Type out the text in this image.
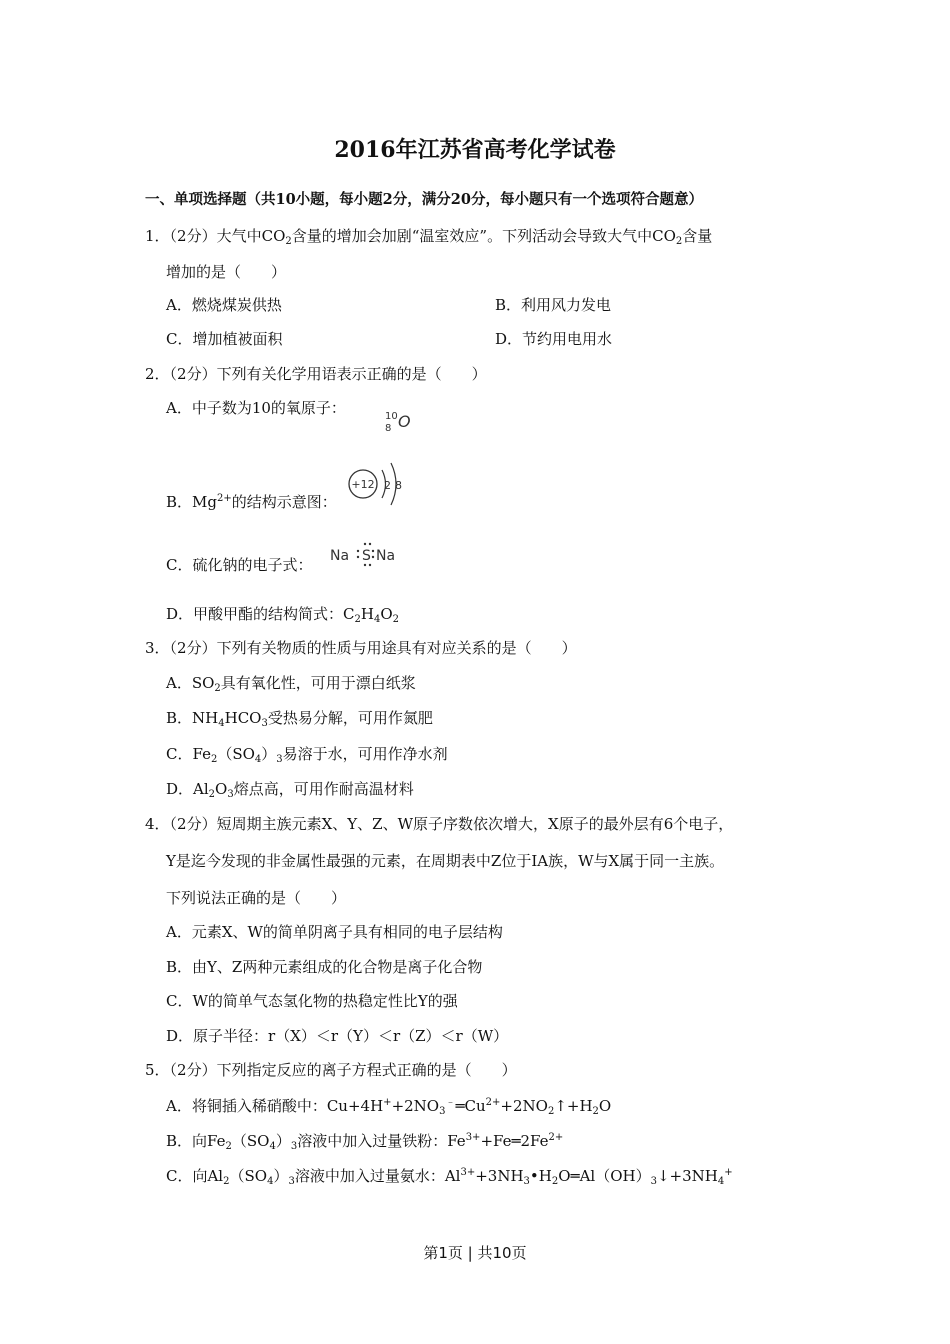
2016年江苏省高考化学试卷
一、单项选择题（共10小题，每小题2分，满分20分，每小题只有一个选项符合题意）
1．（2分）大气中$CO_2$含量的增加会加剧“温室效应”。下列活动会导致大气中$CO_2$含量
增加的是（　　）
A．燃烧煤炭供热	B．利用风力发电
C．增加植被面积	D．节约用电用水
2．（2分）下列有关化学用语表示正确的是（　　）
A．中子数为10的氧原子：	10
8 O
B．$Mg^{2+}$的结构示意图：
+12 2 8
C．硫化钠的电子式： Na Na
S
D．甲酸甲酯的结构简式：$C_2H_4O_2$
3．（2分）下列有关物质的性质与用途具有对应关系的是（　　）
A．$SO_2$具有氧化性，可用于漂白纸浆
B．$NH_4HCO_3$受热易分解，可用作氮肥
C．$Fe_2(SO_4)_3$易溶于水，可用作净水剂
D．$Al_2O_3$熔点高，可用作耐高温材料
4．（2分）短周期主族元素X、Y、Z、W原子序数依次增大，X原子的最外层有6个电子，
Y是迄今发现的非金属性最强的元素，在周期表中Z位于IA族，W与X属于同一主族。
下列说法正确的是（　　）
A．元素X、W的简单阴离子具有相同的电子层结构
B．由Y、Z两种元素组成的化合物是离子化合物
C．W的简单气态氢化物的热稳定性比Y的强
D．原子半径：r（X）＜r（Y）＜r（Z）＜r（W）
5．（2分）下列指定反应的离子方程式正确的是（　　）
A．将铜插入稀硝酸中：$Cu+4H^++2NO_3^﹣═Cu^{2+}+2NO_2↑+H_2O$
B．向$Fe_2(SO_4)_3$溶液中加入过量铁粉：$Fe^{3+}+Fe═2Fe^{2+}$
C．向$Al_2(SO_4)_3$溶液中加入过量氨水：$Al^{3+}+3NH_3•H_2O═Al(OH)_3↓+3NH_4^+$
第1页 | 共10页
